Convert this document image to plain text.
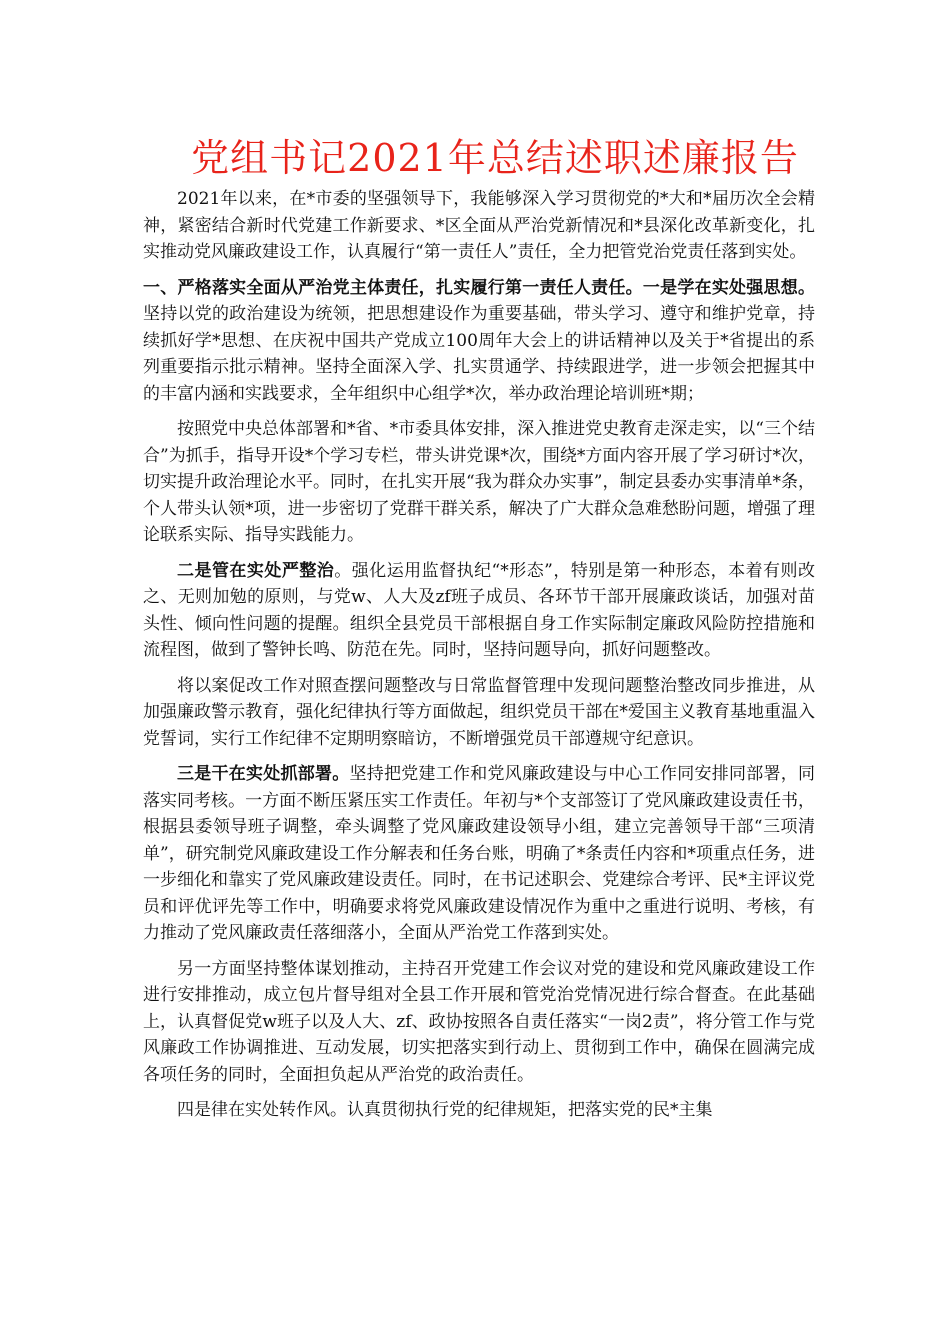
党组书记2021年总结述职述廉报告

2021年以来，在*市委的坚强领导下，我能够深入学习贯彻党的*大和*届历次全会精神，紧密结合新时代党建工作新要求、*区全面从严治党新情况和*县深化改革新变化，扎实推动党风廉政建设工作，认真履行“第一责任人”责任，全力把管党治党责任落到实处。

一、严格落实全面从严治党主体责任，扎实履行第一责任人责任。一是学在实处强思想。坚持以党的政治建设为统领，把思想建设作为重要基础，带头学习、遵守和维护党章，持续抓好学*思想、在庆祝中国共产党成立100周年大会上的讲话精神以及关于*省提出的系列重要指示批示精神。坚持全面深入学、扎实贯通学、持续跟进学，进一步领会把握其中的丰富内涵和实践要求，全年组织中心组学*次，举办政治理论培训班*期；

按照党中央总体部署和*省、*市委具体安排，深入推进党史教育走深走实，以“三个结合”为抓手，指导开设*个学习专栏，带头讲党课*次，围绕*方面内容开展了学习研讨*次，切实提升政治理论水平。同时，在扎实开展“我为群众办实事”，制定县委办实事清单*条，个人带头认领*项，进一步密切了党群干群关系，解决了广大群众急难愁盼问题，增强了理论联系实际、指导实践能力。

二是管在实处严整治。强化运用监督执纪“*形态”，特别是第一种形态，本着有则改之、无则加勉的原则，与党w、人大及zf班子成员、各环节干部开展廉政谈话，加强对苗头性、倾向性问题的提醒。组织全县党员干部根据自身工作实际制定廉政风险防控措施和流程图，做到了警钟长鸣、防范在先。同时，坚持问题导向，抓好问题整改。

将以案促改工作对照查摆问题整改与日常监督管理中发现问题整治整改同步推进，从加强廉政警示教育，强化纪律执行等方面做起，组织党员干部在*爱国主义教育基地重温入党誓词，实行工作纪律不定期明察暗访，不断增强党员干部遵规守纪意识。

三是干在实处抓部署。坚持把党建工作和党风廉政建设与中心工作同安排同部署，同落实同考核。一方面不断压紧压实工作责任。年初与*个支部签订了党风廉政建设责任书，根据县委领导班子调整，牵头调整了党风廉政建设领导小组，建立完善领导干部“三项清单”，研究制党风廉政建设工作分解表和任务台账，明确了*条责任内容和*项重点任务，进一步细化和靠实了党风廉政建设责任。同时，在书记述职会、党建综合考评、民*主评议党员和评优评先等工作中，明确要求将党风廉政建设情况作为重中之重进行说明、考核，有力推动了党风廉政责任落细落小，全面从严治党工作落到实处。

另一方面坚持整体谋划推动，主持召开党建工作会议对党的建设和党风廉政建设工作进行安排推动，成立包片督导组对全县工作开展和管党治党情况进行综合督查。在此基础上，认真督促党w班子以及人大、zf、政协按照各自责任落实“一岗2责”，将分管工作与党风廉政工作协调推进、互动发展，切实把落实到行动上、贯彻到工作中，确保在圆满完成各项任务的同时，全面担负起从严治党的政治责任。

四是律在实处转作风。认真贯彻执行党的纪律规矩，把落实党的民*主集
